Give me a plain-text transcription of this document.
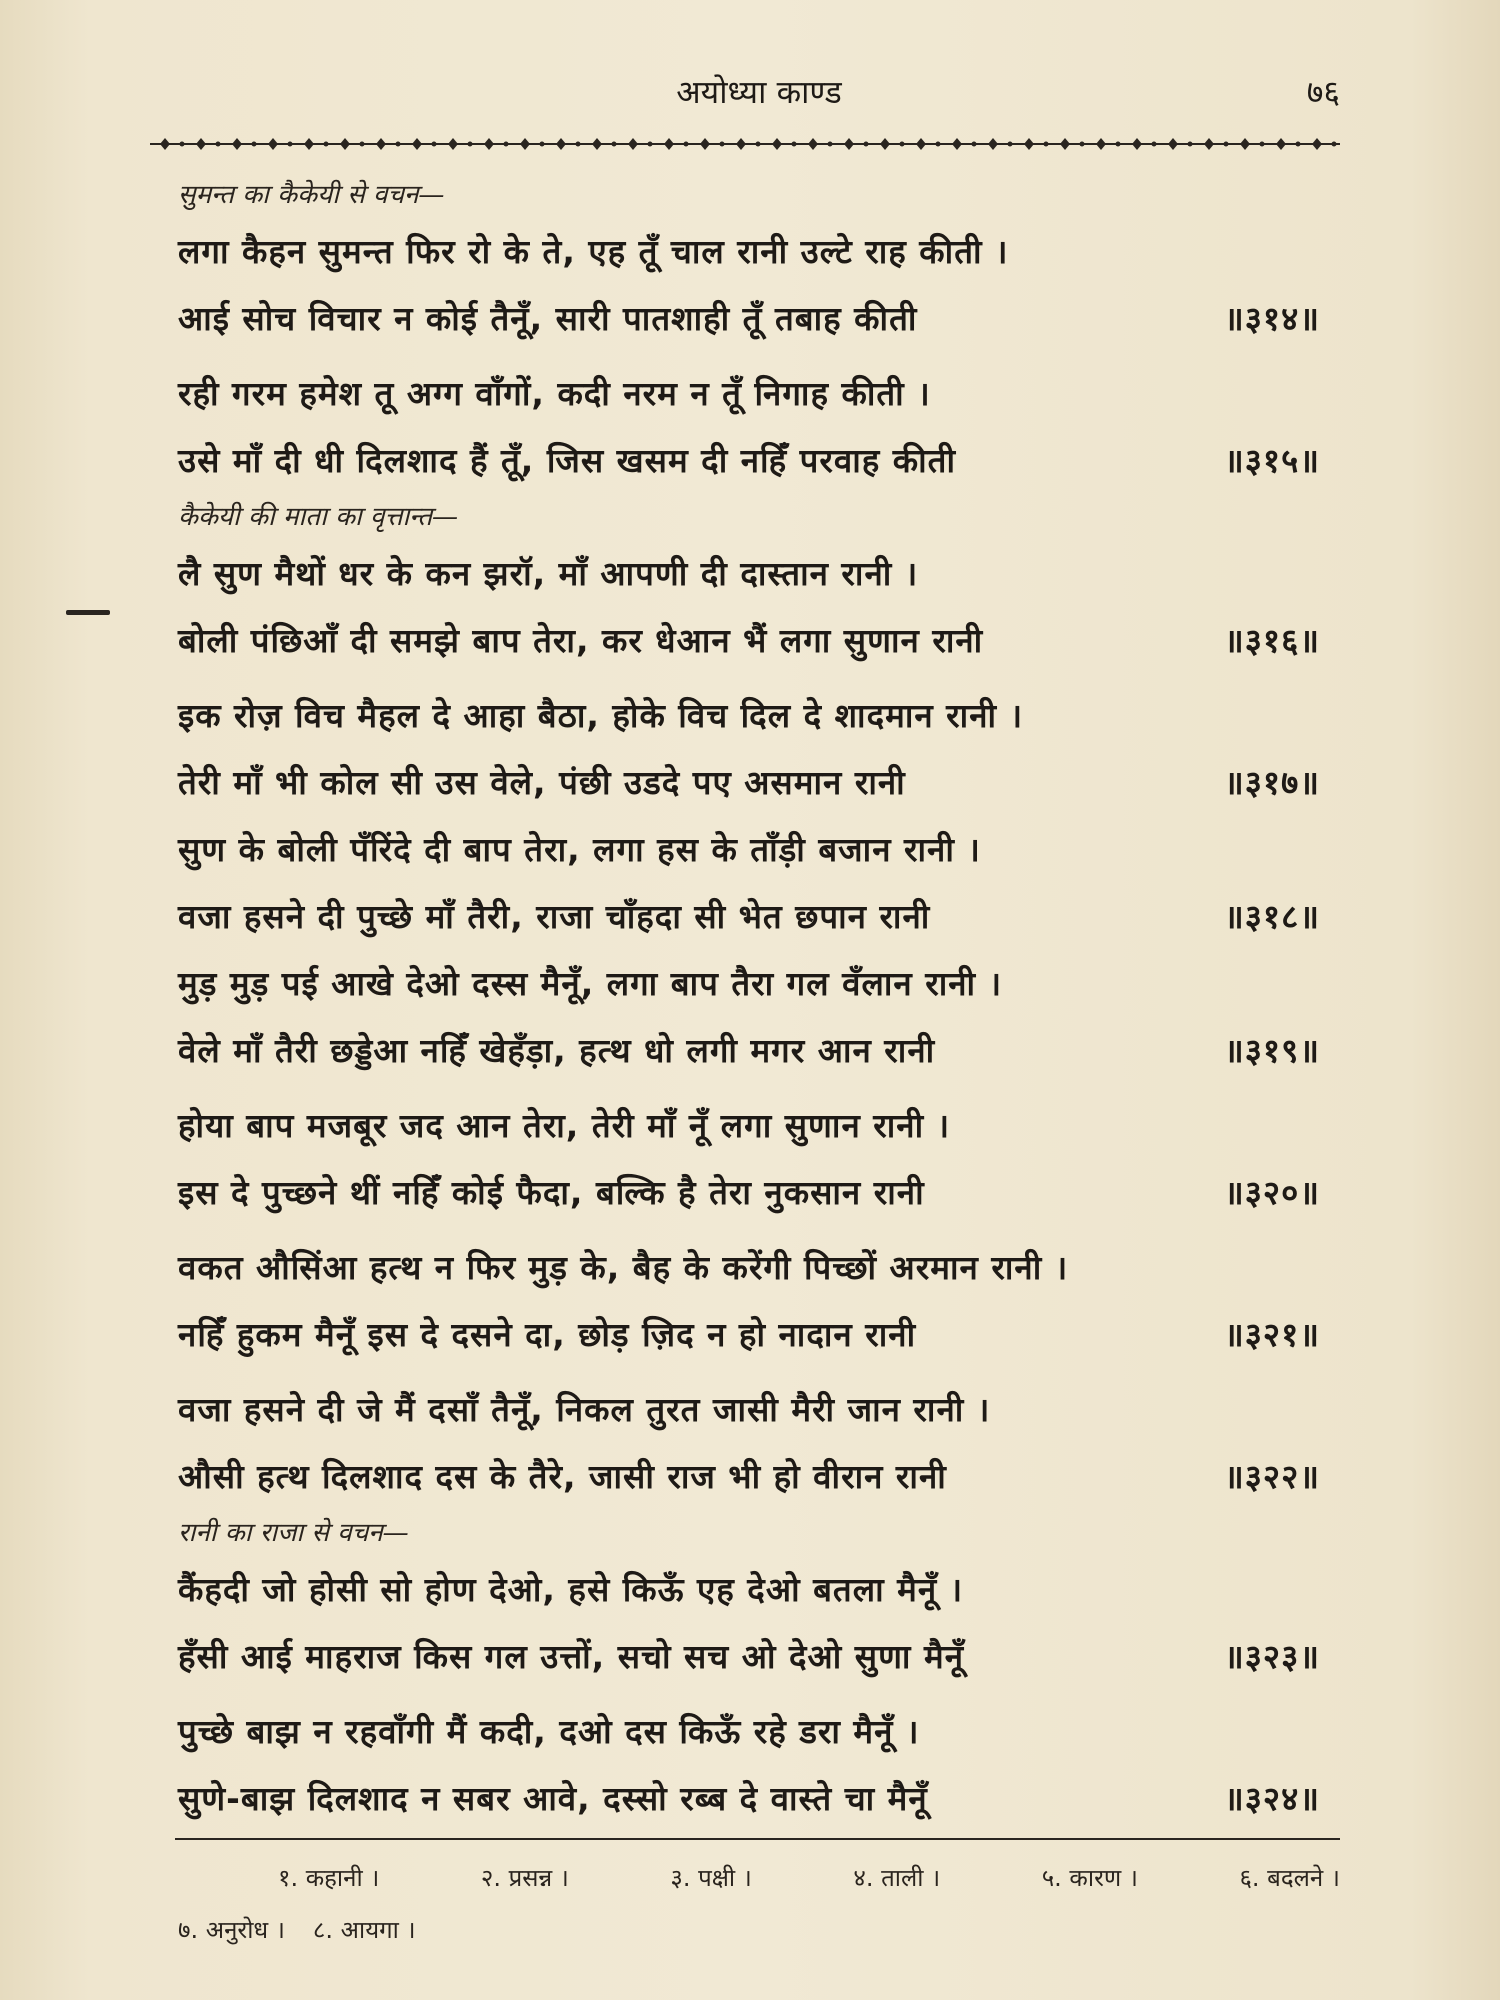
अयोध्या काण्ड	७६
सुमन्त का कैकेयी से वचन—
लगा कैहन सुमन्त फिर रो के ते, एह तूँ चाल रानी उल्टे राह कीती ।
आई सोच विचार न कोई तैनूँ, सारी पातशाही तूँ तबाह कीती	॥३१४॥
रही गरम हमेश तू अग्ग वाँगों, कदी नरम न तूँ निगाह कीती ।
उसे माँ दी धी दिलशाद हैं तूँ, जिस खसम दी नहिँ परवाह कीती	॥३१५॥
कैकेयी की माता का वृत्तान्त—
लै सुण मैथों धर के कन झरॉ, माँ आपणी दी दास्तान रानी ।
बोली पंछिआँ दी समझे बाप तेरा, कर धेआन भैं लगा सुणान रानी	॥३१६॥
इक रोज़ विच मैहल दे आहा बैठा, होके विच दिल दे शादमान रानी ।
तेरी माँ भी कोल सी उस वेले, पंछी उडदे पए असमान रानी	॥३१७॥
सुण के बोली पँरिंदे दी बाप तेरा, लगा हस के ताँड़ी बजान रानी ।
वजा हसने दी पुच्छे माँ तैरी, राजा चाँहदा सी भेत छपान रानी	॥३१८॥
मुड़ मुड़ पई आखे देओ दस्स मैनूँ, लगा बाप तैरा गल वँलान रानी ।
वेले माँ तैरी छड्डेआ नहिँ खेहँड़ा, हत्थ धो लगी मगर आन रानी	॥३१९॥
होया बाप मजबूर जद आन तेरा, तेरी माँ नूँ लगा सुणान रानी ।
इस दे पुच्छने थीं नहिँ कोई फैदा, बल्कि है तेरा नुकसान रानी	॥३२०॥
वकत औसिंआ हत्थ न फिर मुड़ के, बैह के करेंगी पिच्छों अरमान रानी ।
नहिँ हुकम मैनूँ इस दे दसने दा, छोड़ ज़िद न हो नादान रानी	॥३२१॥
वजा हसने दी जे मैं दसाँ तैनूँ, निकल तुरत जासी मैरी जान रानी ।
औसी हत्थ दिलशाद दस के तैरे, जासी राज भी हो वीरान रानी	॥३२२॥
रानी का राजा से वचन—
कैंहदी जो होसी सो होण देओ, हसे किऊँ एह देओ बतला मैनूँ ।
हँसी आई माहराज किस गल उत्तों, सचो सच ओ देओ सुणा मैनूँ	॥३२३॥
पुच्छे बाझ न रहवाँगी मैं कदी, दओ दस किऊँ रहे डरा मैनूँ ।
सुणे-बाझ दिलशाद न सबर आवे, दस्सो रब्ब दे वास्ते चा मैनूँ	॥३२४॥
१. कहानी ।	२. प्रसन्न ।	३. पक्षी ।	४. ताली ।	५. कारण ।	६. बदलने ।
७. अनुरोध । ८. आयगा ।
